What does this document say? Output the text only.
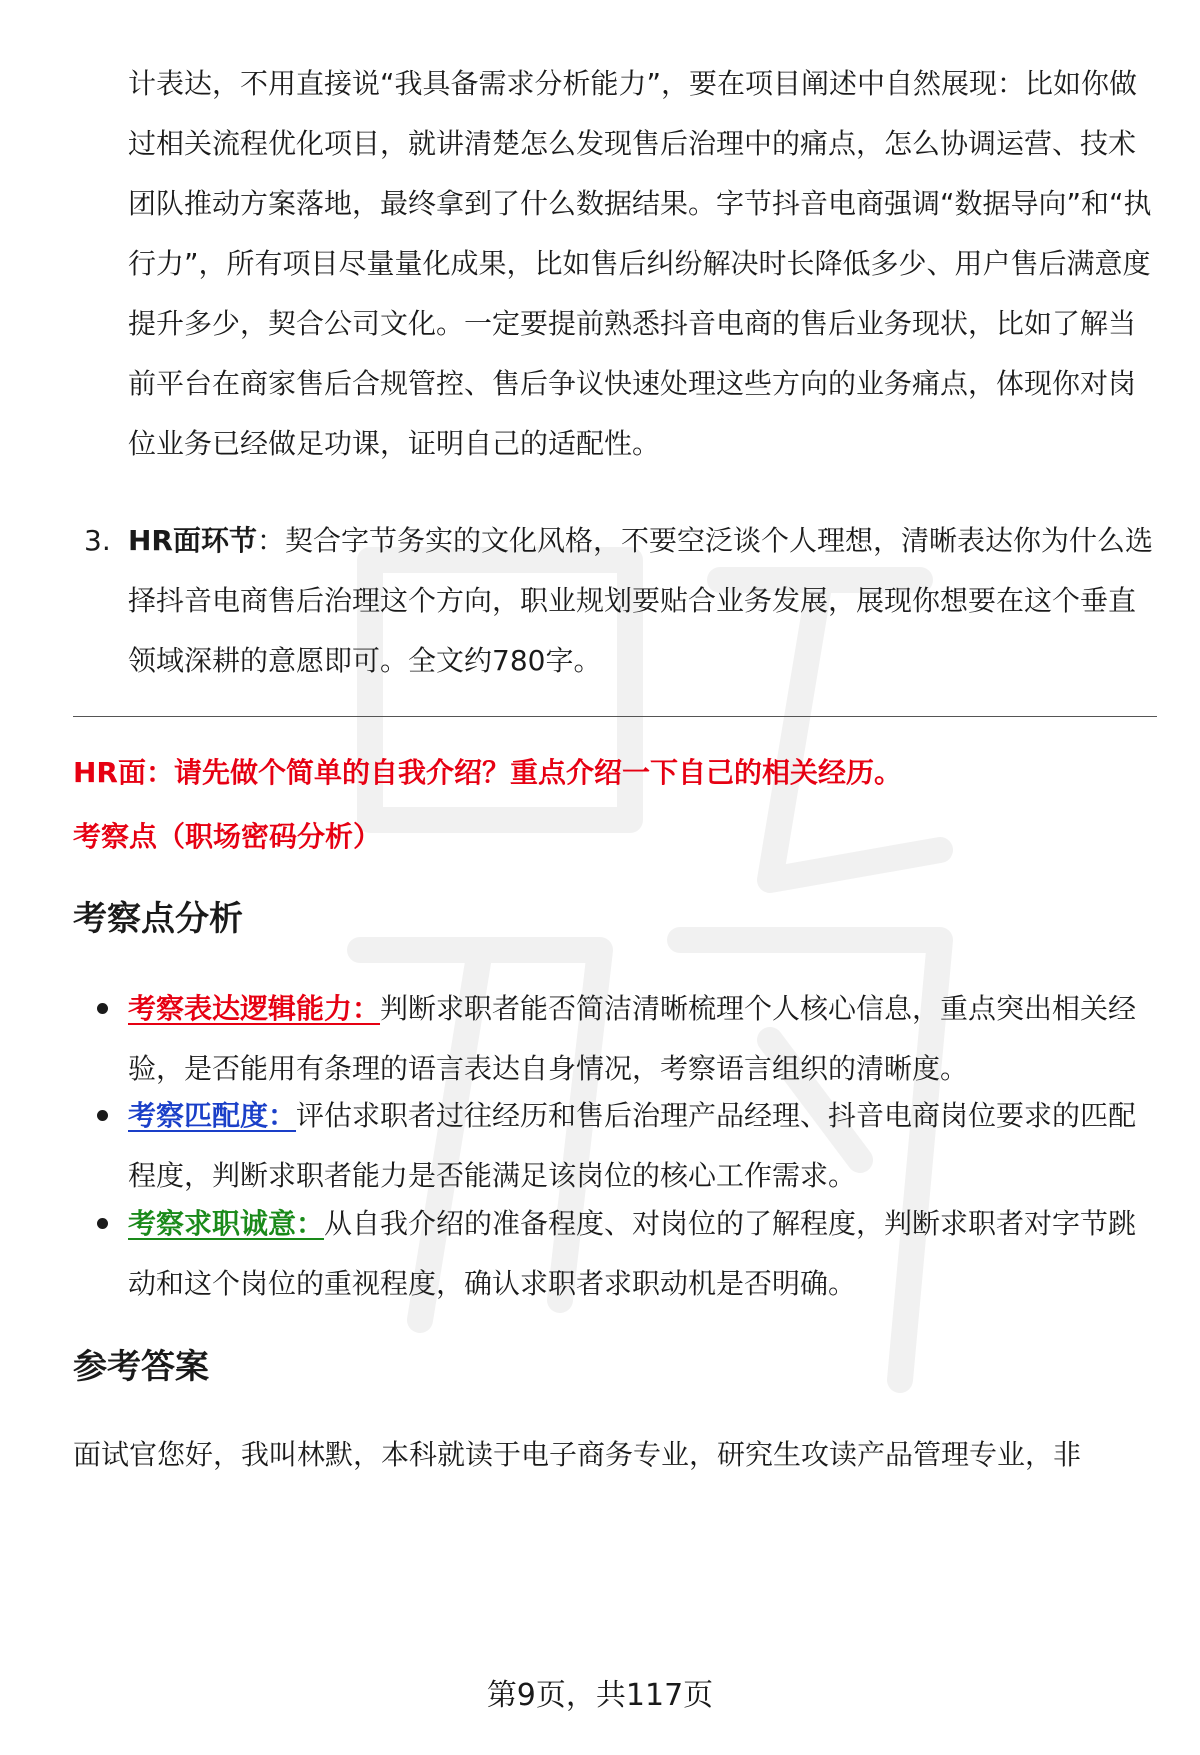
计表达，不用直接说“我具备需求分析能力”，要在项目阐述中自然展现：比如你做过相关流程优化项目，就讲清楚怎么发现售后治理中的痛点，怎么协调运营、技术团队推动方案落地，最终拿到了什么数据结果。字节抖音电商强调“数据导向”和“执行力”，所有项目尽量量化成果，比如售后纠纷解决时长降低多少、用户售后满意度提升多少，契合公司文化。一定要提前熟悉抖音电商的售后业务现状，比如了解当前平台在商家售后合规管控、售后争议快速处理这些方向的业务痛点，体现你对岗位业务已经做足功课，证明自己的适配性。

3. HR面环节：契合字节务实的文化风格，不要空泛谈个人理想，清晰表达你为什么选择抖音电商售后治理这个方向，职业规划要贴合业务发展，展现你想要在这个垂直领域深耕的意愿即可。全文约780字。

HR面：请先做个简单的自我介绍？重点介绍一下自己的相关经历。

考察点（职场密码分析）

考察点分析

考察表达逻辑能力：判断求职者能否简洁清晰梳理个人核心信息，重点突出相关经验，是否能用有条理的语言表达自身情况，考察语言组织的清晰度。

考察匹配度：评估求职者过往经历和售后治理产品经理、抖音电商岗位要求的匹配程度，判断求职者能力是否能满足该岗位的核心工作需求。

考察求职诚意：从自我介绍的准备程度、对岗位的了解程度，判断求职者对字节跳动和这个岗位的重视程度，确认求职者求职动机是否明确。

参考答案

面试官您好，我叫林默，本科就读于电子商务专业，研究生攻读产品管理专业，非

第9页，共117页
